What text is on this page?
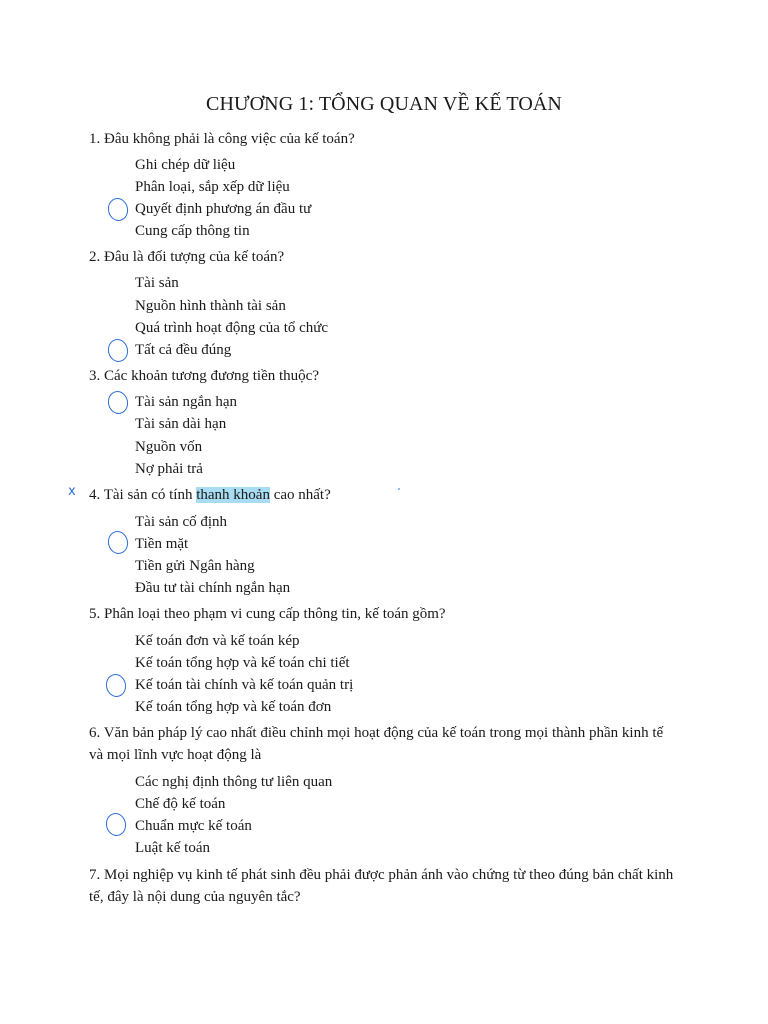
CHƯƠNG 1: TỔNG QUAN VỀ KẾ TOÁN
1. Đâu không phải là công việc của kế toán?
Ghi chép dữ liệu
Phân loại, sắp xếp dữ liệu
Quyết định phương án đầu tư
Cung cấp thông tin
2. Đâu là đối tượng của kế toán?
Tài sản
Nguồn hình thành tài sản
Quá trình hoạt động của tổ chức
Tất cả đều đúng
3. Các khoản tương đương tiền thuộc?
Tài sản ngắn hạn
Tài sản dài hạn
Nguồn vốn
Nợ phải trả
4. Tài sản có tính thanh khoản cao nhất?
Tài sản cố định
Tiền mặt
Tiền gửi Ngân hàng
Đầu tư tài chính ngắn hạn
5. Phân loại theo phạm vi cung cấp thông tin, kế toán gồm?
Kế toán đơn và kế toán kép
Kế toán tổng hợp và kế toán chi tiết
Kế toán tài chính và kế toán quản trị
Kế toán tổng hợp và kế toán đơn
6. Văn bản pháp lý cao nhất điều chỉnh mọi hoạt động của kế toán trong mọi thành phần kinh tế và mọi lĩnh vực hoạt động là
Các nghị định thông tư liên quan
Chế độ kế toán
Chuẩn mực kế toán
Luật kế toán
7. Mọi nghiệp vụ kinh tế phát sinh đều phải được phản ánh vào chứng từ theo đúng bản chất kinh tế, đây là nội dung của nguyên tắc?
x
